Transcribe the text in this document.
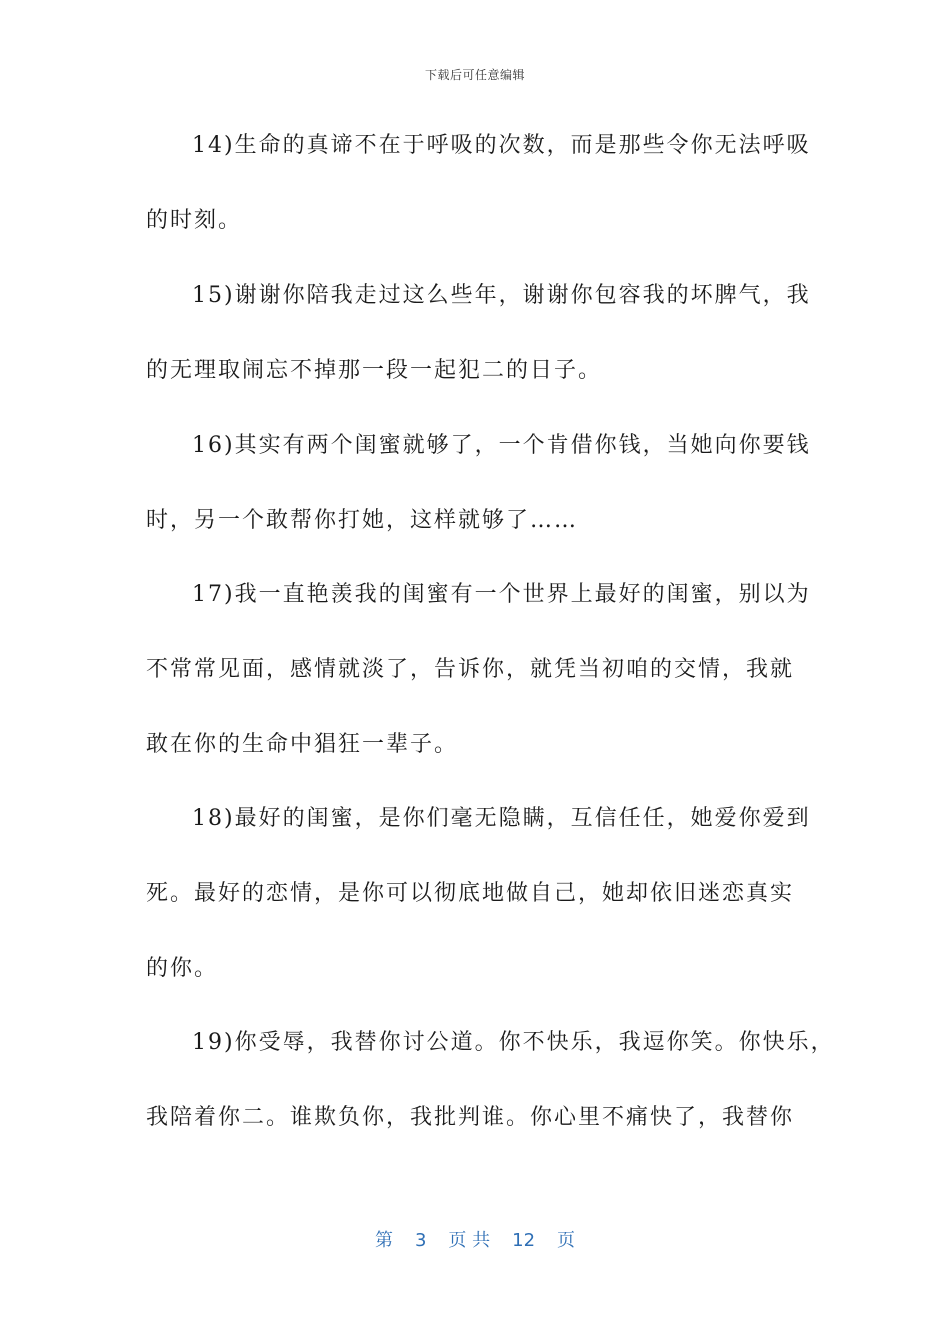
下载后可任意编辑
14)生命的真谛不在于呼吸的次数，而是那些令你无法呼吸
的时刻。
15)谢谢你陪我走过这么些年，谢谢你包容我的坏脾气，我
的无理取闹忘不掉那一段一起犯二的日子。
16)其实有两个闺蜜就够了，一个肯借你钱，当她向你要钱
时，另一个敢帮你打她，这样就够了……
17)我一直艳羡我的闺蜜有一个世界上最好的闺蜜，别以为
不常常见面，感情就淡了，告诉你，就凭当初咱的交情，我就
敢在你的生命中猖狂一辈子。
18)最好的闺蜜，是你们毫无隐瞒，互信任任，她爱你爱到
死。最好的恋情，是你可以彻底地做自己，她却依旧迷恋真实
的你。
19)你受辱，我替你讨公道。你不快乐，我逗你笑。你快乐，
我陪着你二。谁欺负你，我批判谁。你心里不痛快了，我替你
第 3 页 共 12 页
